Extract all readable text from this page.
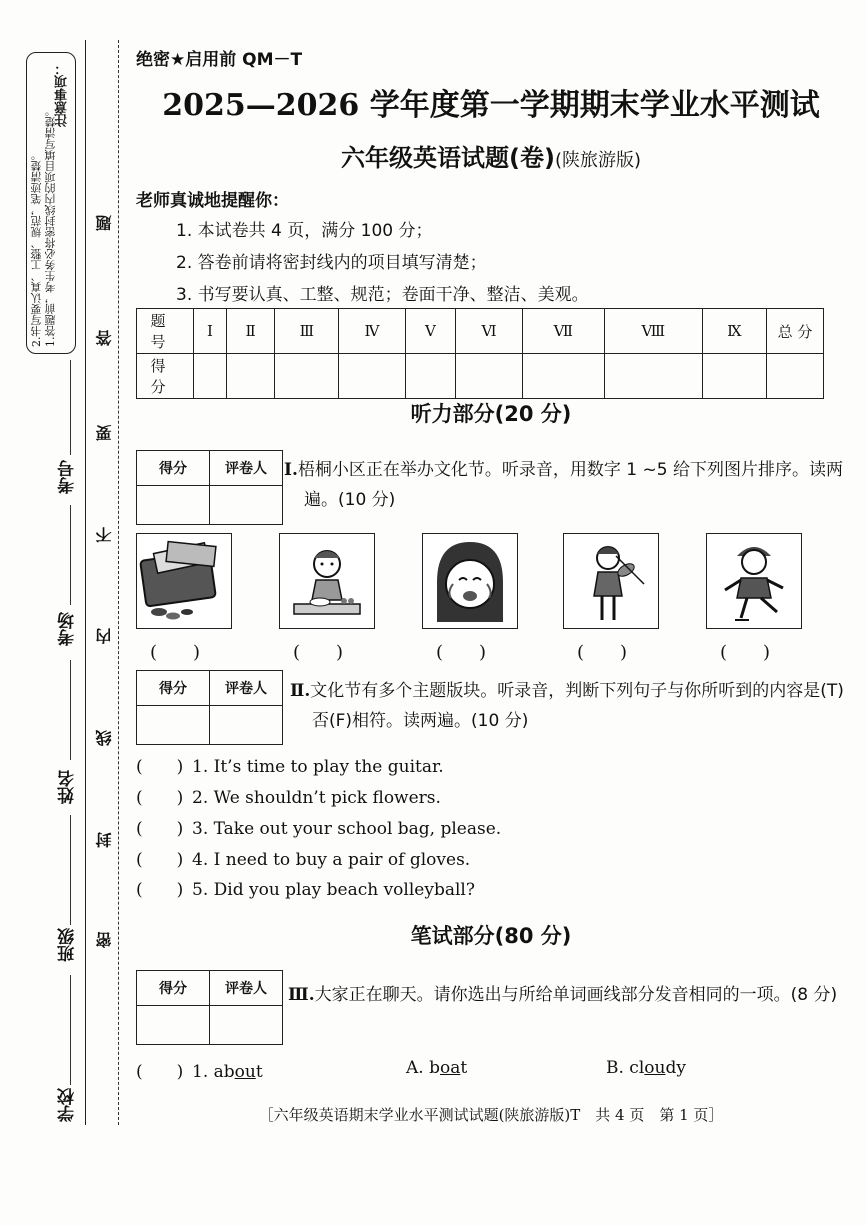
注意事项：
1.答题前，考生务必将密封线内的项目填写清楚。
2.书写要认真、工整、规范，笔迹清楚。	答
题
要
不
内
线
封
密
考号
考场
姓名
班级
学校
绝密★启用前 QM－T
2025—2026 学年度第一学期期末学业水平测试
六年级英语试题(卷)(陕旅游版)
老师真诚地提醒你：
1. 本试卷共 4 页，满分 100 分；
2. 答卷前请将密封线内的项目填写清楚；
3. 书写要认真、工整、规范；卷面干净、整洁、美观。
题号	Ⅰ	Ⅱ	Ⅲ	Ⅳ	Ⅴ	Ⅵ	Ⅶ	Ⅷ	Ⅸ	总 分
得分										
听力部分(20 分)
得分	评卷人
	Ⅰ.梧桐小区正在举办文化节。听录音，用数字 1 ~5 给下列图片排序。读两遍。(10 分)
(　　)	(　　)	(　　)	(　　)	(　　)
得分	评卷人
	Ⅱ.文化节有多个主题版块。听录音，判断下列句子与你所听到的内容是(T)否(F)相符。读两遍。(10 分)
(　　) 1. It’s time to play the guitar.
(　　) 2. We shouldn’t pick flowers.
(　　) 3. Take out your school bag, please.
(　　) 4. I need to buy a pair of gloves.
(　　) 5. Did you play beach volleyball?
笔试部分(80 分)
得分	评卷人
	Ⅲ.大家正在聊天。请你选出与所给单词画线部分发音相同的一项。(8 分)
(　　) 1. about	A. boat	B. cloudy
［六年级英语期末学业水平测试试题(陕旅游版)T　共 4 页　第 1 页］
